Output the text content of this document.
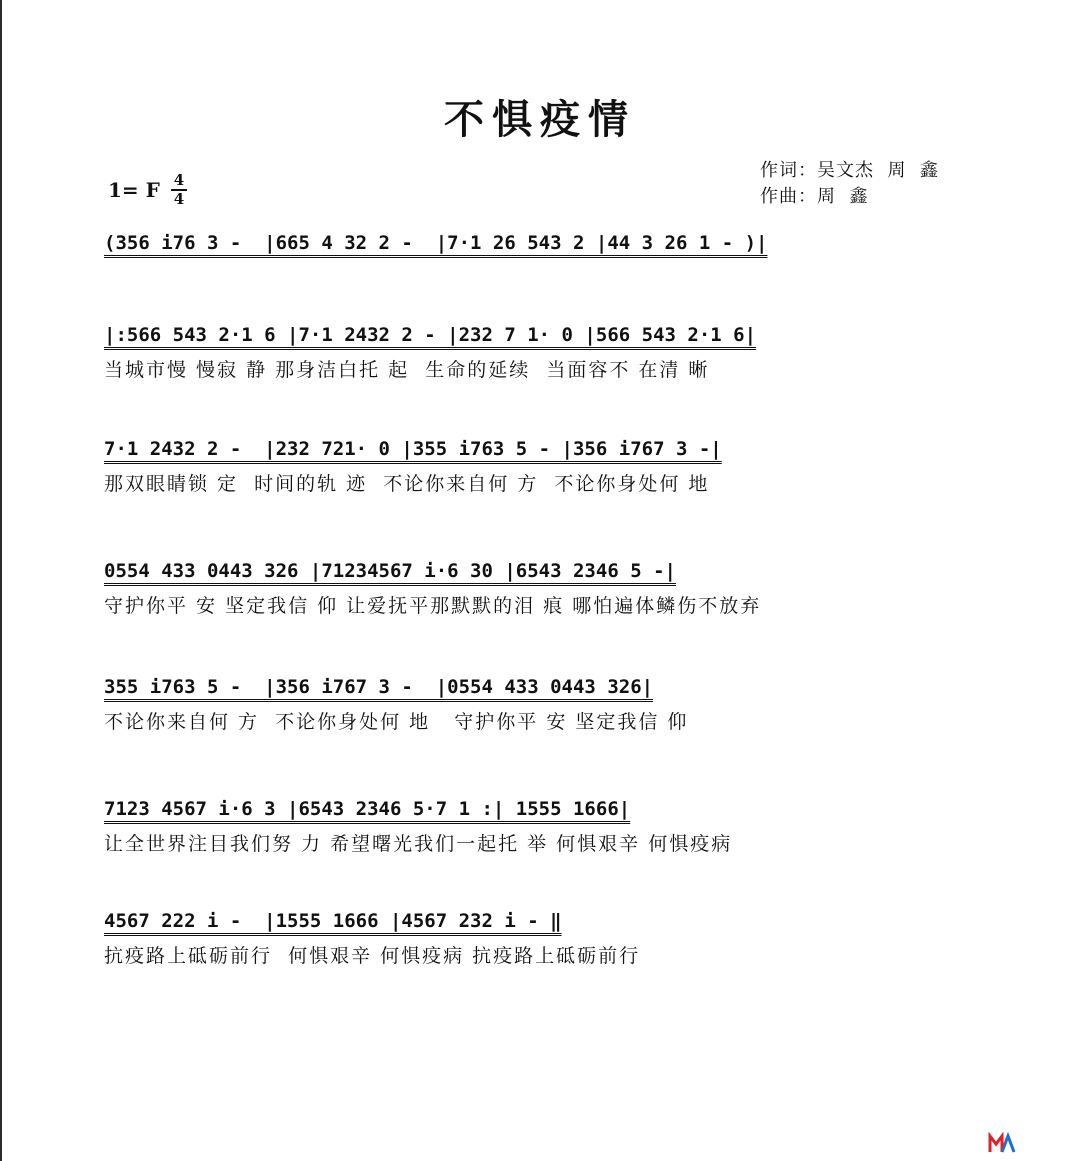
不惧疫情
1= F 4
4
作词：吴文杰  周  鑫
作曲：周  鑫
(356 i76 3 -  |665 4 32 2 -  |7·1 26 543 2 |44 3 26 1 - )|
|:566 543 2·1 6 |7·1 2432 2 - |232 7 1· 0 |566 543 2·1 6|
当城市慢 慢寂 静 那身洁白托 起  生命的延续  当面容不 在清 晰
7·1 2432 2 -  |232 721· 0 |355 i763 5 - |356 i767 3 -|
那双眼睛锁 定  时间的轨 迹  不论你来自何 方  不论你身处何 地
0554 433 0443 326 |71234567 i·6 30 |6543 2346 5 -|
守护你平 安 坚定我信 仰 让爱抚平那默默的泪 痕 哪怕遍体鳞伤不放弃
355 i763 5 -  |356 i767 3 -  |0554 433 0443 326|
不论你来自何 方  不论你身处何 地   守护你平 安 坚定我信 仰
7123 4567 i·6 3 |6543 2346 5·7 1 :| 1555 1666|
让全世界注目我们努 力 希望曙光我们一起托 举 何惧艰辛 何惧疫病
4567 222 i -  |1555 1666 |4567 232 i - ‖
抗疫路上砥砺前行  何惧艰辛 何惧疫病 抗疫路上砥砺前行
